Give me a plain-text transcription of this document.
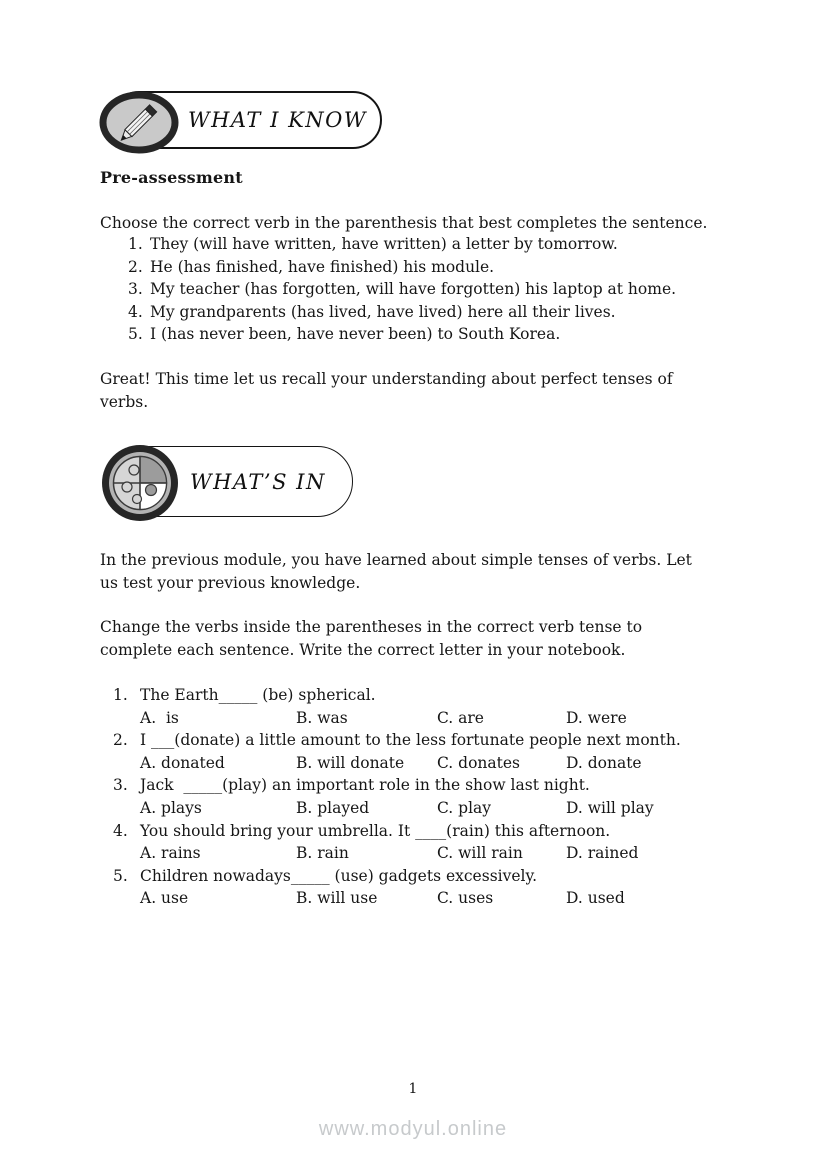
WHAT I KNOW
Pre-assessment
Choose the correct verb in the parenthesis that best completes the sentence.
They (will have written, have written) a letter by tomorrow.
He (has finished, have finished) his module.
My teacher (has forgotten, will have forgotten) his laptop at home.
My grandparents (has lived, have lived) here all their lives.
I (has never been, have never been) to South Korea.
Great! This time let us recall your understanding about perfect tenses of
verbs.
WHAT’S IN
In the previous module, you have learned about simple tenses of verbs. Let
us test your previous knowledge.
Change the verbs inside the parentheses in the correct verb tense to
complete each sentence. Write the correct letter in your notebook.
The Earth_____ (be) spherical.
A.  is	B. was	C. are	D. were
I ___(donate) a little amount to the less fortunate people next month.
A. donated	B. will donate	C. donates	D. donate
Jack  _____(play) an important role in the show last night.
A. plays	B. played	C. play	D. will play
You should bring your umbrella. It ____(rain) this afternoon.
A. rains	B. rain	C. will rain	D. rained
Children nowadays_____ (use) gadgets excessively.
A. use	B. will use	C. uses	D. used
1
www.modyul.online
